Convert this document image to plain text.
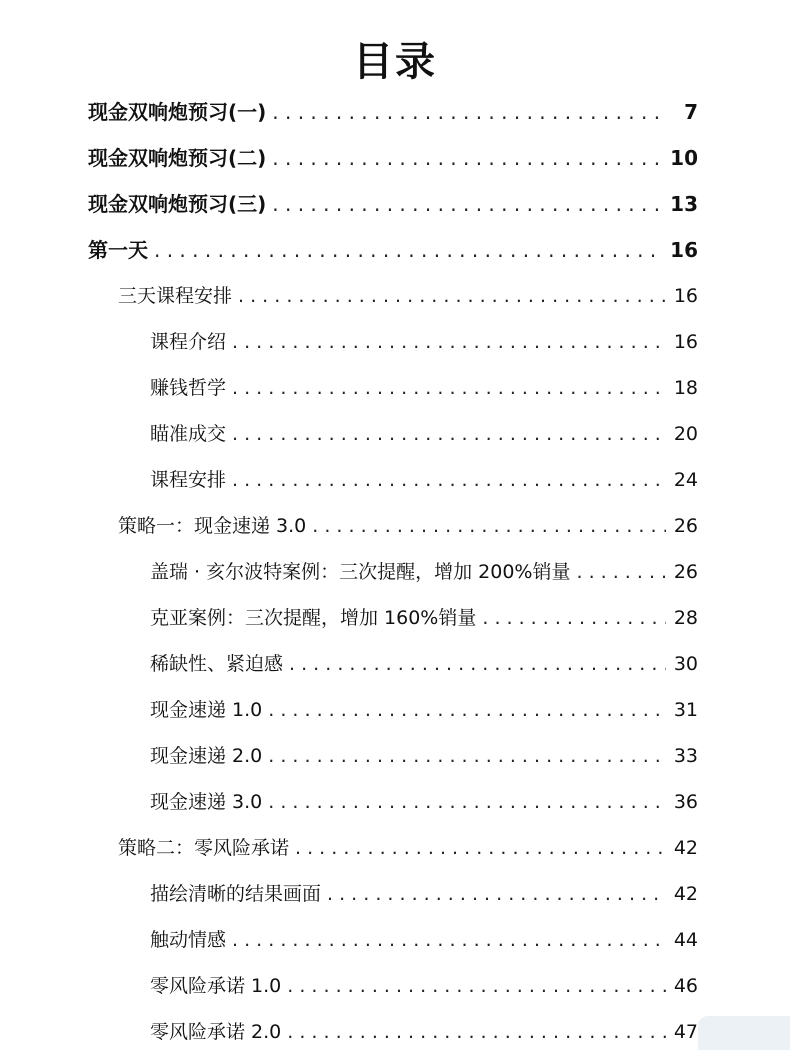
目录
现金双响炮预习(一) . . .	7
现金双响炮预习(二) . . .	10
现金双响炮预习(三) . . .	13
第一天 . . .	16
三天课程安排 . . .	16
课程介绍 . . .	16
赚钱哲学 . . .	18
瞄准成交 . . .	20
课程安排 . . .	24
策略一：现金速递 3.0 . . .	26
盖瑞 · 亥尔波特案例：三次提醒，增加 200%销量 . . .	26
克亚案例：三次提醒，增加 160%销量 . . .	28
稀缺性、紧迫感 . . .	30
现金速递 1.0 . . .	31
现金速递 2.0 . . .	33
现金速递 3.0 . . .	36
策略二：零风险承诺 . . .	42
描绘清晰的结果画面 . . .	42
触动情感 . . .	44
零风险承诺 1.0 . . .	46
零风险承诺 2.0 . . .	47
